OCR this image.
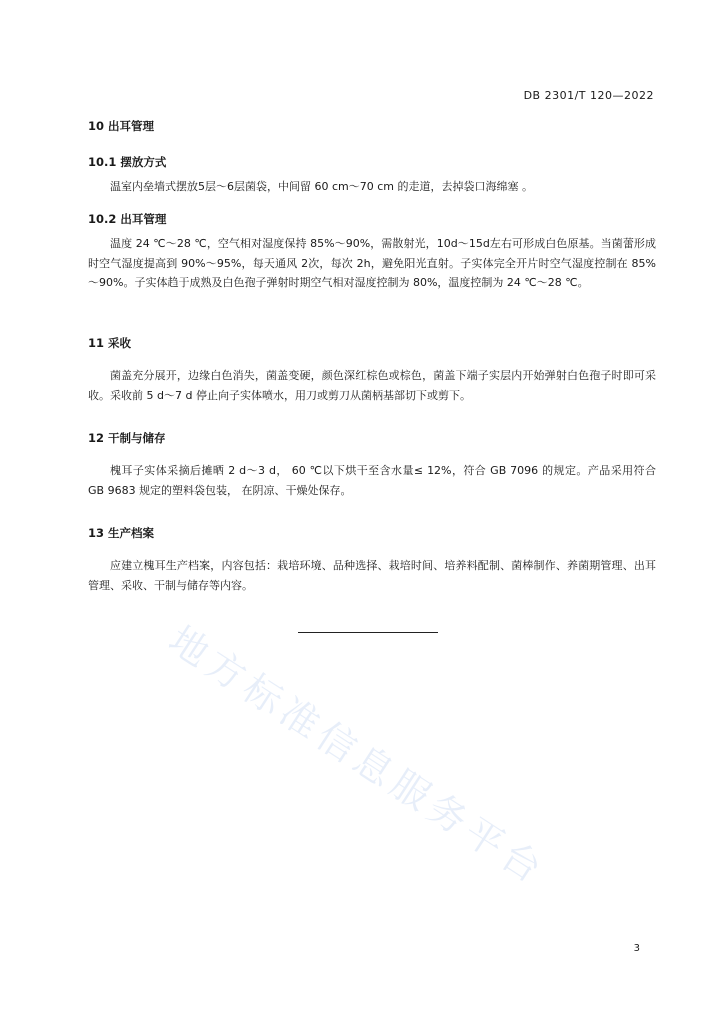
DB 2301/T 120—2022
10 出耳管理
10.1 摆放方式
温室内垒墙式摆放5层～6层菌袋，中间留 60 cm～70 cm 的走道，去掉袋口海绵塞 。
10.2 出耳管理
温度 24 ℃～28 ℃，空气相对湿度保持 85%～90%，需散射光，10d～15d左右可形成白色原基。当菌蕾形成时空气湿度提高到 90%～95%，每天通风 2次，每次 2h，避免阳光直射。子实体完全开片时空气湿度控制在 85%～90%。子实体趋于成熟及白色孢子弹射时期空气相对湿度控制为 80%，温度控制为 24 ℃～28 ℃。
11 采收
菌盖充分展开，边缘白色消失，菌盖变硬，颜色深红棕色或棕色，菌盖下端子实层内开始弹射白色孢子时即可采收。采收前 5 d～7 d 停止向子实体喷水，用刀或剪刀从菌柄基部切下或剪下。
12 干制与储存
槐耳子实体采摘后摊晒 2 d～3 d， 60 ℃以下烘干至含水量≤ 12%，符合 GB 7096 的规定。产品采用符合 GB 9683 规定的塑料袋包装， 在阴凉、干燥处保存。
13 生产档案
应建立槐耳生产档案，内容包括：栽培环境、品种选择、栽培时间、培养料配制、菌棒制作、养菌期管理、出耳管理、采收、干制与储存等内容。
地方标准信息服务平台
3
